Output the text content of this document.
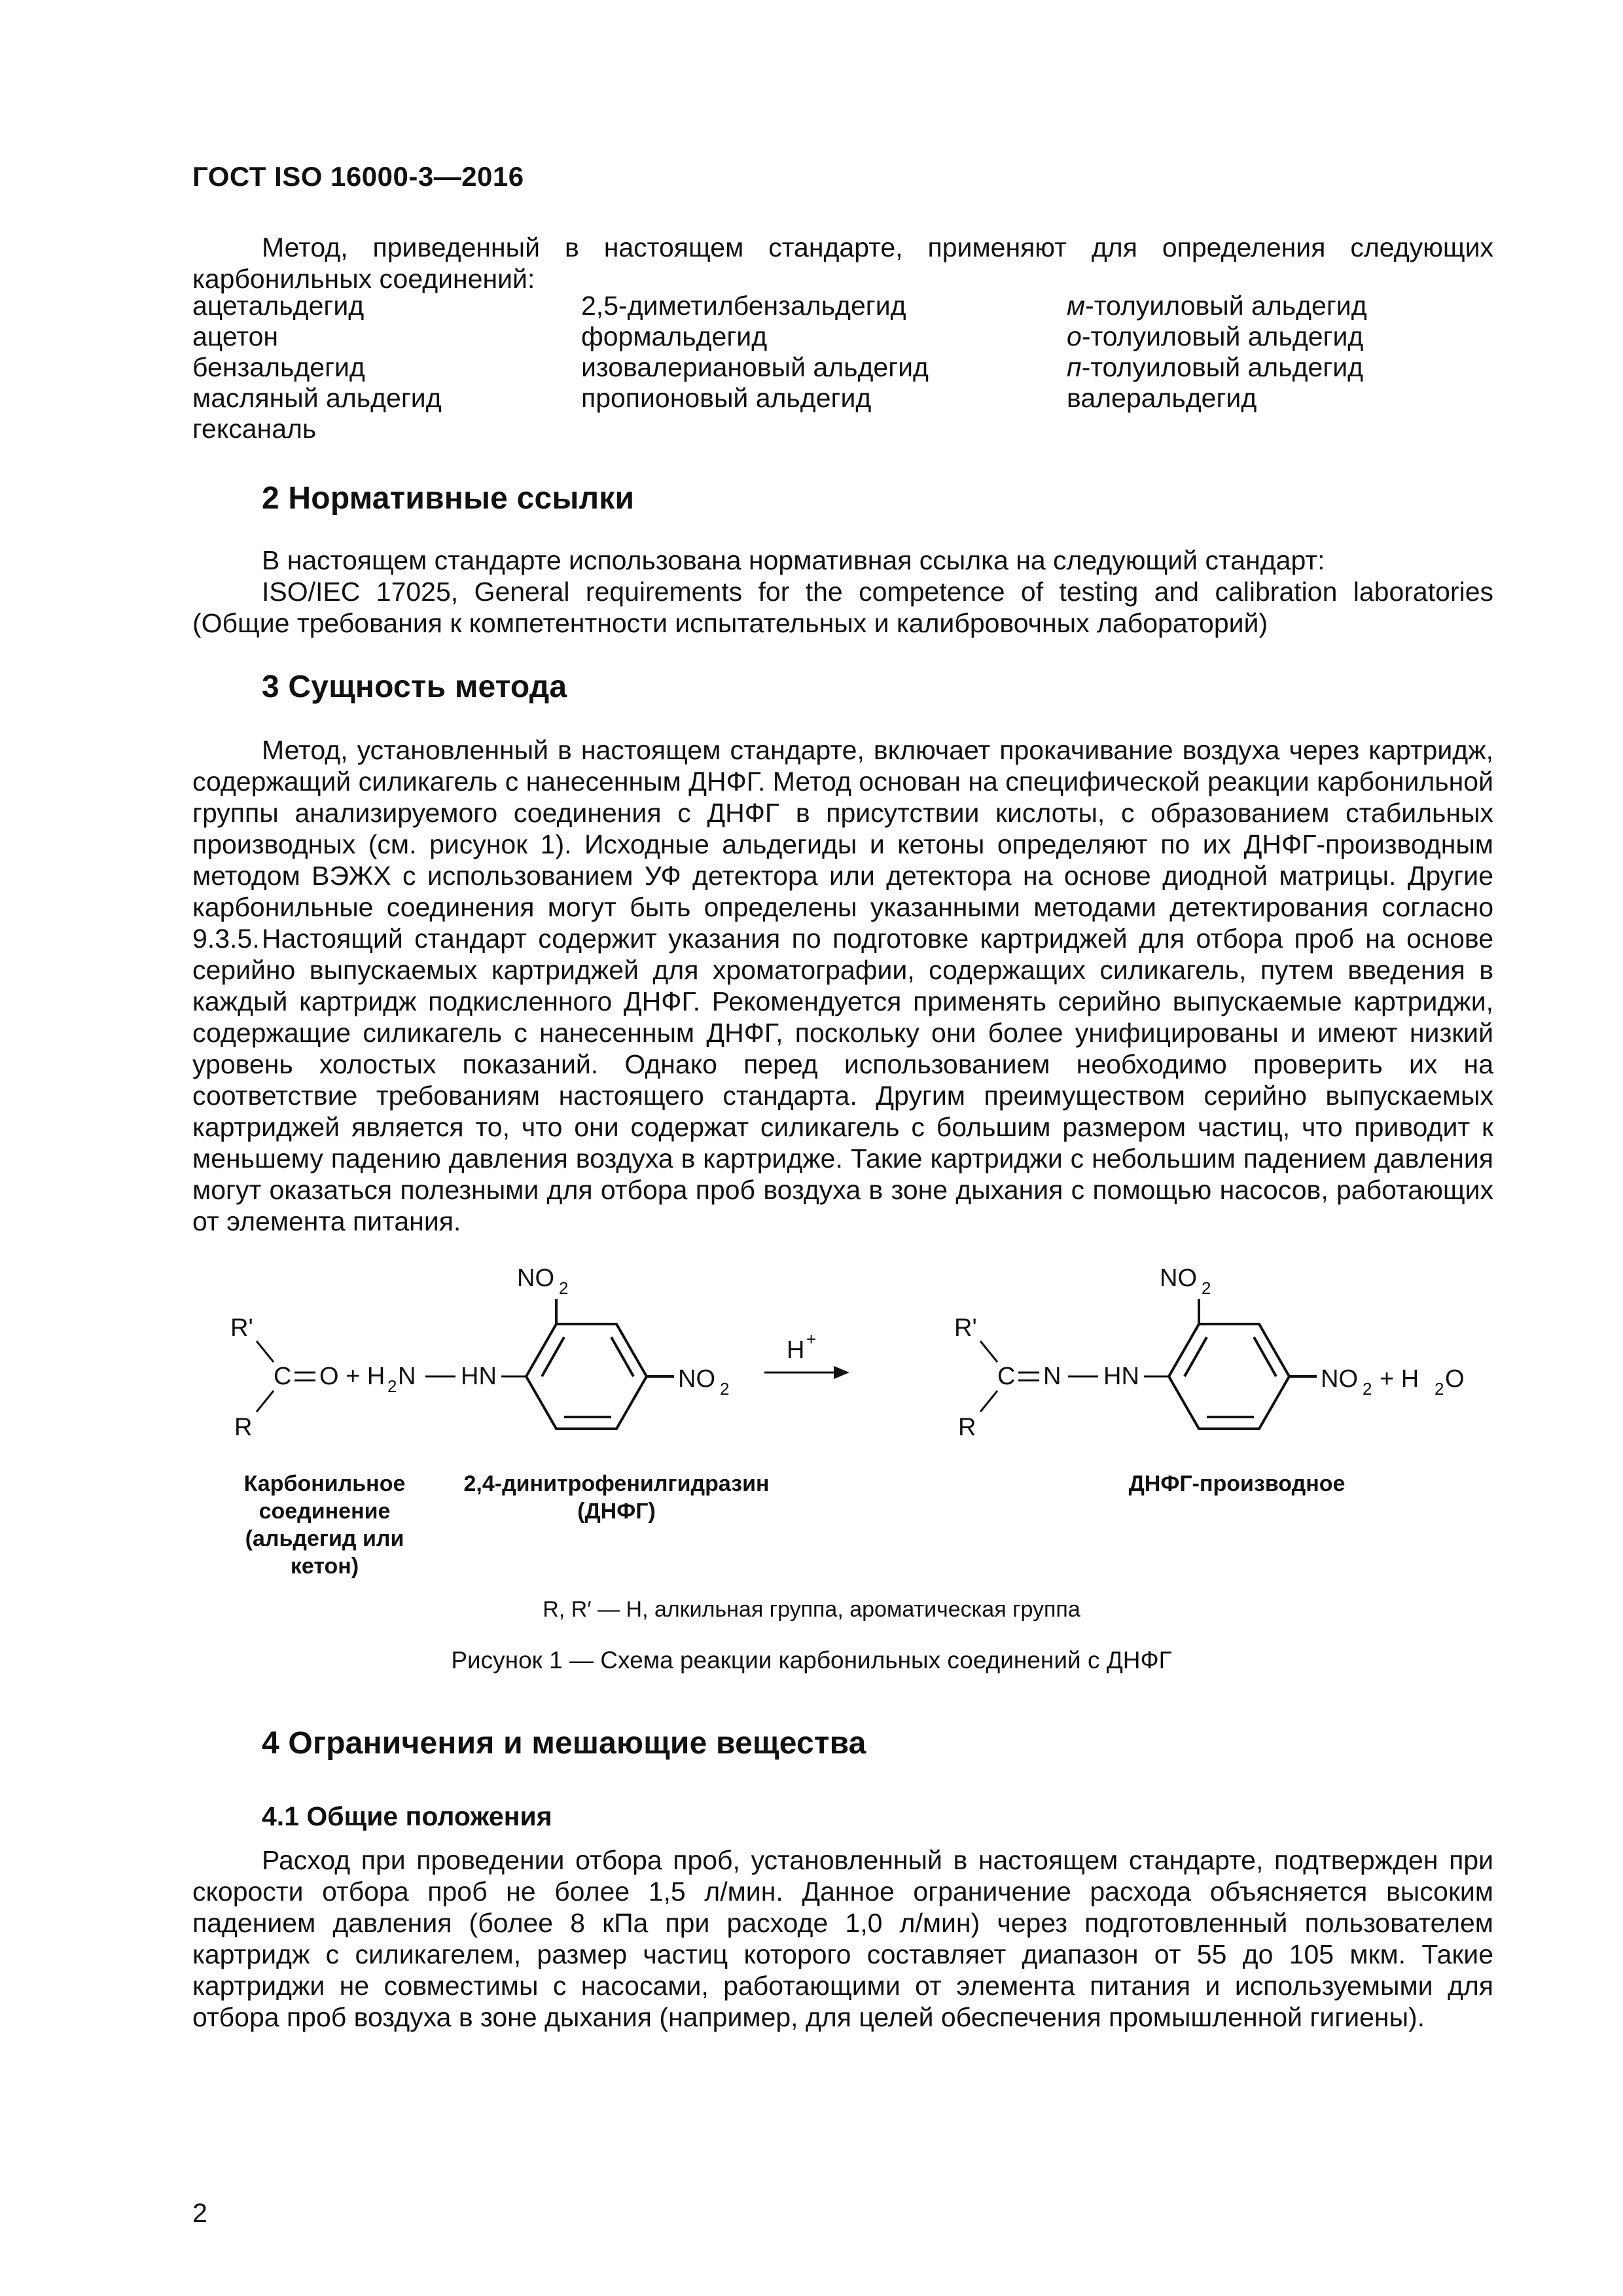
ГОСТ ISO 16000-3—2016
Метод, приведенный в настоящем стандарте, применяют для определения следующих карбонильных соединений:
ацетальдегид
ацетон
бензальдегид
масляный альдегид
гексаналь
2,5-диметилбензальдегид
формальдегид
изовалериановый альдегид
пропионовый альдегид
м-толуиловый альдегид
о-толуиловый альдегид
п-толуиловый альдегид
валеральдегид
2 Нормативные ссылки
В настоящем стандарте использована нормативная ссылка на следующий стандарт:
ISO/IEC 17025, General requirements for the competence of testing and calibration laboratories (Общие требования к компетентности испытательных и калибровочных лабораторий)
3 Сущность метода
Метод, установленный в настоящем стандарте, включает прокачивание воздуха через картридж, содержащий силикагель с нанесенным ДНФГ. Метод основан на специфической реакции карбонильной группы анализируемого соединения с ДНФГ в присутствии кислоты, с образованием стабильных производных (см. рисунок 1). Исходные альдегиды и кетоны определяют по их ДНФГ-производным методом ВЭЖХ с использованием УФ детектора или детектора на основе диодной матрицы. Другие карбонильные соединения могут быть определены указанными методами детектирования согласно 9.3.5. Настоящий стандарт содержит указания по подготовке картриджей для отбора проб на основе серийно выпускаемых картриджей для хроматографии, содержащих силикагель, путем введения в каждый картридж подкисленного ДНФГ. Рекомендуется применять серийно выпускаемые картриджи, содержащие силикагель с нанесенным ДНФГ, поскольку они более унифицированы и имеют низкий уровень холостых показаний. Однако перед использованием необходимо проверить их на соответствие требованиям настоящего стандарта. Другим преимуществом серийно выпускаемых картриджей является то, что они содержат силикагель с большим размером частиц, что приводит к меньшему падению давления воздуха в картридже. Такие картриджи с небольшим падением давления могут оказаться полезными для отбора проб воздуха в зоне дыхания с помощью насосов, работающих от элемента питания.
R'
C
R
O + H 2 N HN
NO 2
NO 2
H +	R'
C
R
N HN
NO 2
NO 2 + H 2 O
Карбонильное соединение (альдегид или кетон)
2,4-динитрофенилгидразин (ДНФГ)
ДНФГ-производное
R, R′ — H, алкильная группа, ароматическая группа
Рисунок 1 — Схема реакции карбонильных соединений с ДНФГ
4 Ограничения и мешающие вещества
4.1 Общие положения
Расход при проведении отбора проб, установленный в настоящем стандарте, подтвержден при скорости отбора проб не более 1,5 л/мин. Данное ограничение расхода объясняется высоким падением давления (более 8 кПа при расходе 1,0 л/мин) через подготовленный пользователем картридж с силикагелем, размер частиц которого составляет диапазон от 55 до 105 мкм. Такие картриджи не совместимы с насосами, работающими от элемента питания и используемыми для отбора проб воздуха в зоне дыхания (например, для целей обеспечения промышленной гигиены).
2
